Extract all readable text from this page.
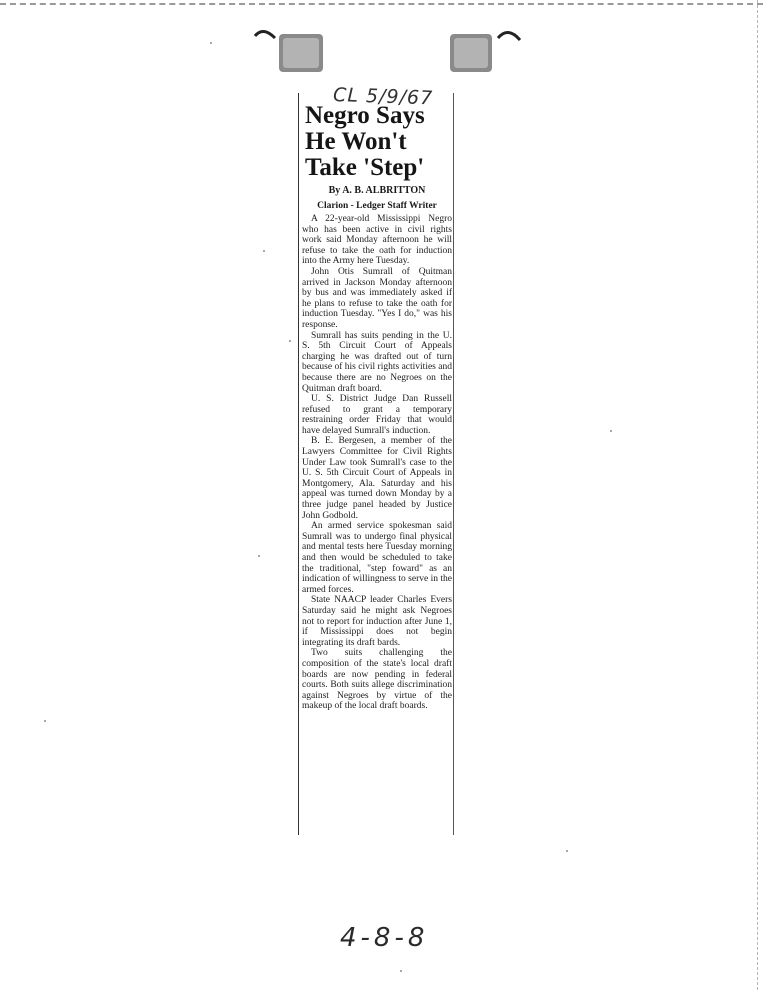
CL 5/9/67
Negro Says
He Won't
Take 'Step'
By A. B. ALBRITTON
Clarion - Ledger Staff Writer

A 22-year-old Mississippi Negro who has been active in civil rights work said Monday afternoon he will refuse to take the oath for induction into the Army here Tuesday.

John Otis Sumrall of Quitman arrived in Jackson Monday afternoon by bus and was immediately asked if he plans to refuse to take the oath for induction Tuesday. "Yes I do," was his response.

Sumrall has suits pending in the U. S. 5th Circuit Court of Appeals charging he was drafted out of turn because of his civil rights activities and because there are no Negroes on the Quitman draft board.

U. S. District Judge Dan Russell refused to grant a temporary restraining order Friday that would have delayed Sumrall's induction.

B. E. Bergesen, a member of the Lawyers Committee for Civil Rights Under Law took Sumrall's case to the U. S. 5th Circuit Court of Appeals in Montgomery, Ala. Saturday and his appeal was turned down Monday by a three judge panel headed by Justice John Godbold.

An armed service spokesman said Sumrall was to undergo final physical and mental tests here Tuesday morning and then would be scheduled to take the traditional, "step foward" as an indication of willingness to serve in the armed forces.

State NAACP leader Charles Evers Saturday said he might ask Negroes not to report for induction after June 1, if Mississippi does not begin integrating its draft bards.

Two suits challenging the composition of the state's local draft boards are now pending in federal courts. Both suits allege discrimination against Negroes by virtue of the makeup of the local draft boards.

4-8-8
